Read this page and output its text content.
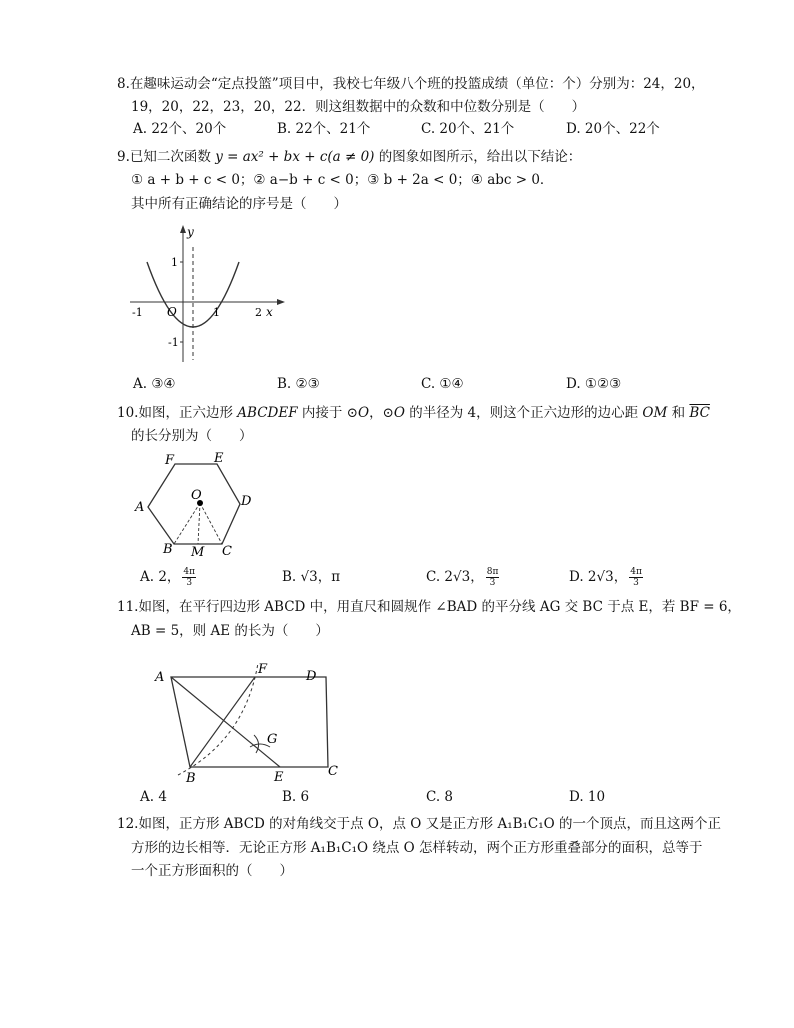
8.在趣味运动会“定点投篮”项目中，我校七年级八个班的投篮成绩（单位：个）分别为：24，20，
19，20，22，23，20，22．则这组数据中的众数和中位数分别是（　　）
A. 22个、20个	B. 22个、21个	C. 20个、21个	D. 20个、22个
9.已知二次函数 y = ax² + bx + c(a ≠ 0) 的图象如图所示，给出以下结论：
① a + b + c < 0；② a−b + c < 0；③ b + 2a < 0；④ abc > 0．
其中所有正确结论的序号是（　　）
y
1
-1
-1 O	1	2 x
A. ③④	B. ②③	C. ①④	D. ①②③
10.如图，正六边形 ABCDEF 内接于 ⊙O，⊙O 的半径为 4，则这个正六边形的边心距 OM 和 $\overline{BC}$
的长分别为（　　）
F	E
A	D
O
B M C
A. 2， $\frac{4\pi}{3}$	B. √3，π	C. 2√3， $\frac{8\pi}{3}$	D. 2√3， $\frac{4\pi}{3}$
11.如图，在平行四边形 ABCD 中，用直尺和圆规作 ∠BAD 的平分线 AG 交 BC 于点 E，若 BF = 6，
AB = 5，则 AE 的长为（　　）
A
F	D
G
B	E	C
A. 4	B. 6	C. 8	D. 10
12.如图，正方形 ABCD 的对角线交于点 O，点 O 又是正方形 A₁B₁C₁O 的一个顶点，而且这两个正
方形的边长相等．无论正方形 A₁B₁C₁O 绕点 O 怎样转动，两个正方形重叠部分的面积，总等于
一个正方形面积的（　　）
